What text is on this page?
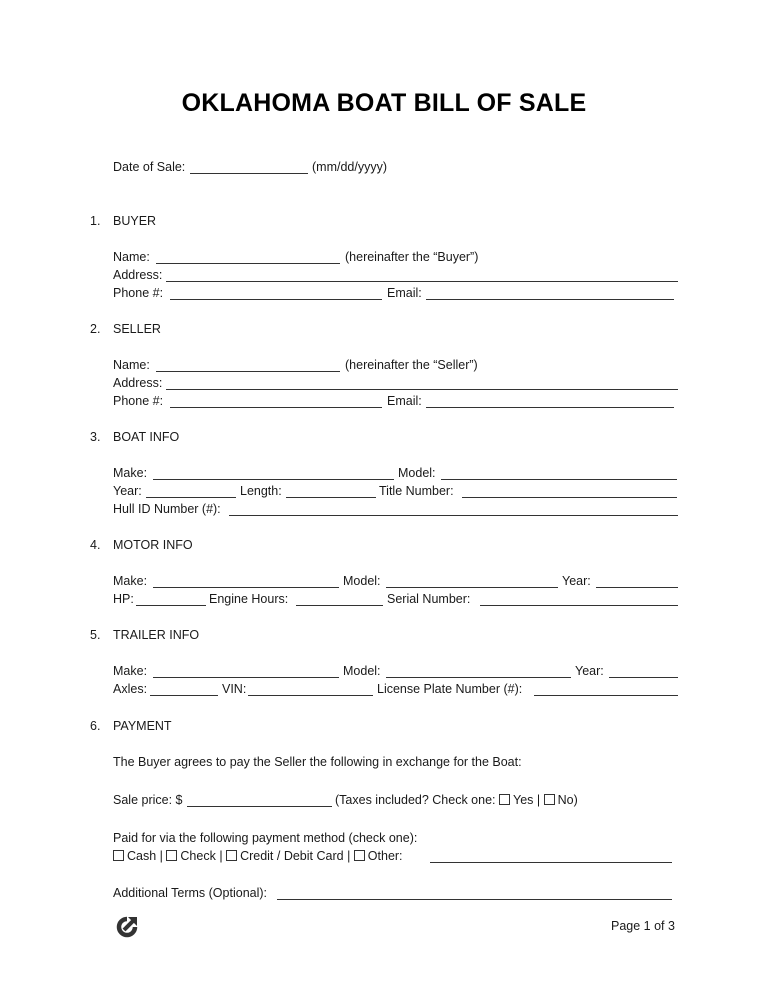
OKLAHOMA BOAT BILL OF SALE
Date of Sale:	(mm/dd/yyyy)
1. BUYER
Name:	(hereinafter the “Buyer”)
Address:
Phone #:	Email:
2. SELLER
Name:	(hereinafter the “Seller”)
Address:
Phone #:	Email:
3. BOAT INFO
Make:	Model:
Year:	Length:	Title Number:
Hull ID Number (#):
4. MOTOR INFO
Make:	Model:	Year:
HP:	Engine Hours:	Serial Number:
5. TRAILER INFO
Make:	Model:	Year:
Axles:	VIN:	License Plate Number (#):
6. PAYMENT
The Buyer agrees to pay the Seller the following in exchange for the Boat:
Sale price: $	(Taxes included? Check one: Yes | No)
Paid for via the following payment method (check one):
Cash | Check | Credit / Debit Card | Other:
Additional Terms (Optional):
Page 1 of 3
